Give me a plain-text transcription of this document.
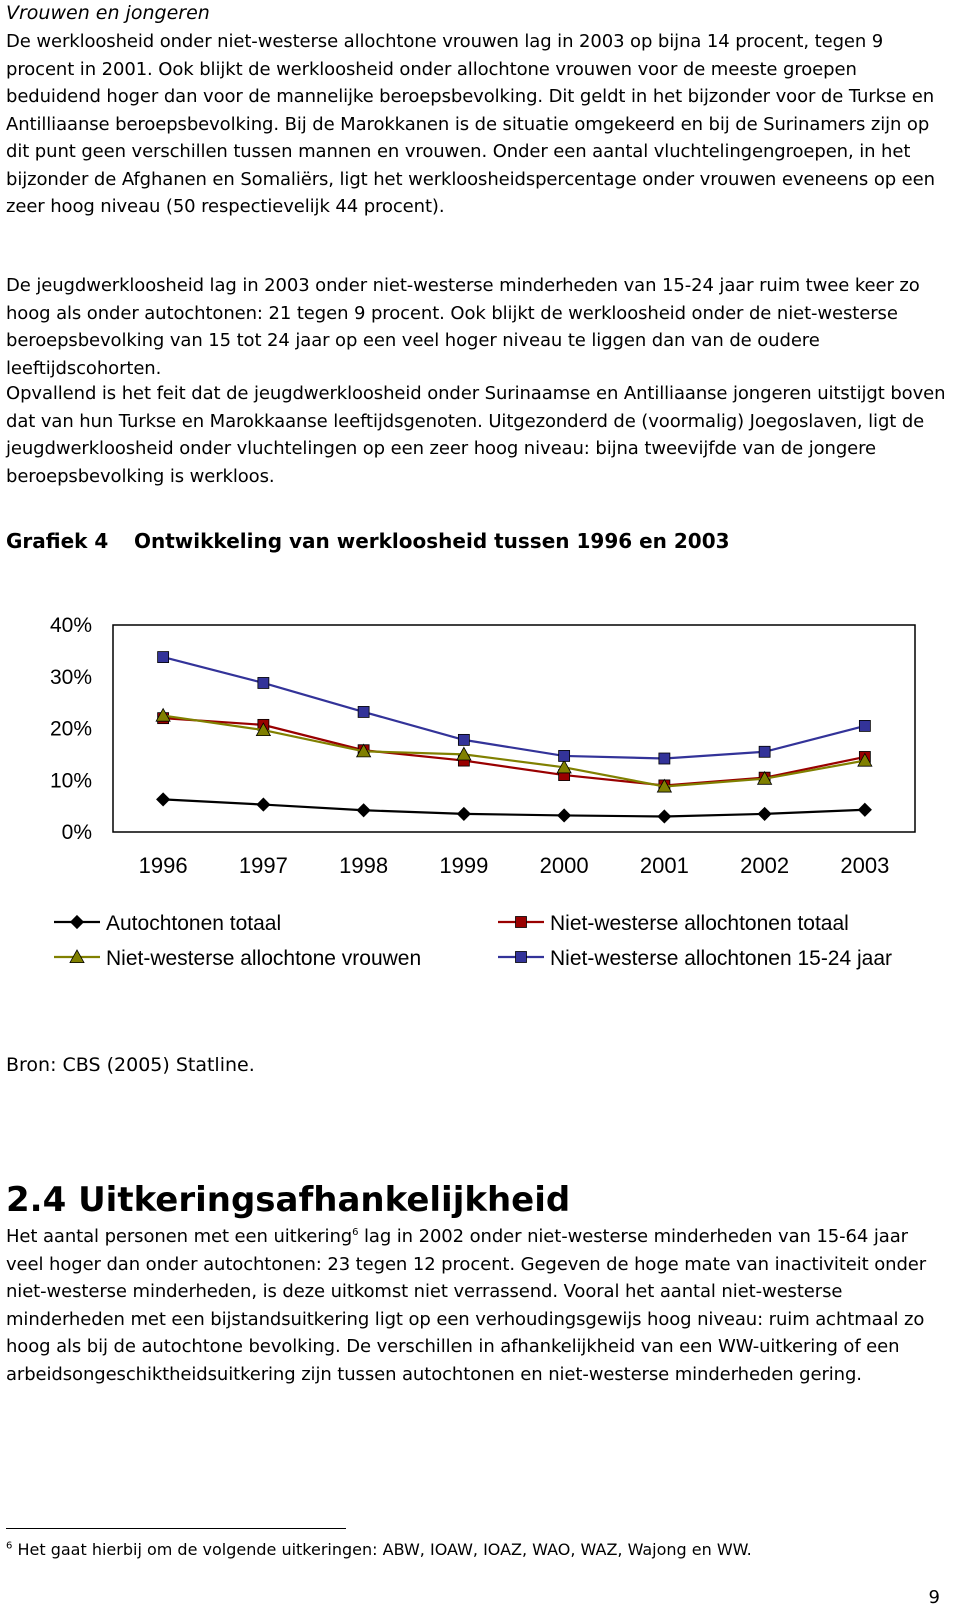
Vrouwen en jongeren

De werkloosheid onder niet-westerse allochtone vrouwen lag in 2003 op bijna 14 procent, tegen 9 procent in 2001. Ook blijkt de werkloosheid onder allochtone vrouwen voor de meeste groepen beduidend hoger dan voor de mannelijke beroepsbevolking. Dit geldt in het bijzonder voor de Turkse en Antilliaanse beroepsbevolking. Bij de Marokkanen is de situatie omgekeerd en bij de Surinamers zijn op dit punt geen verschillen tussen mannen en vrouwen. Onder een aantal vluchtelingengroepen, in het bijzonder de Afghanen en Somaliërs, ligt het werkloosheidspercentage onder vrouwen eveneens op een zeer hoog niveau (50 respectievelijk 44 procent).

De jeugdwerkloosheid lag in 2003 onder niet-westerse minderheden van 15-24 jaar ruim twee keer zo hoog als onder autochtonen: 21 tegen 9 procent. Ook blijkt de werkloosheid onder de niet-westerse beroepsbevolking van 15 tot 24 jaar op een veel hoger niveau te liggen dan van de oudere leeftijdscohorten.

Opvallend is het feit dat de jeugdwerkloosheid onder Surinaamse en Antilliaanse jongeren uitstijgt boven dat van hun Turkse en Marokkaanse leeftijdsgenoten. Uitgezonderd de (voormalig) Joegoslaven, ligt de jeugdwerkloosheid onder vluchtelingen op een zeer hoog niveau: bijna tweevijfde van de jongere beroepsbevolking is werkloos.

Grafiek 4 Ontwikkeling van werkloosheid tussen 1996 en 2003
0%
10%
20%
30%
40%
1996 1997 1998 1999 2000 2001 2002 2003
Autochtonen totaal	Niet-westerse allochtonen totaal
Niet-westerse allochtone vrouwen	Niet-westerse allochtonen 15-24 jaar
Bron: CBS (2005) Statline.
2.4 Uitkeringsafhankelijkheid

Het aantal personen met een uitkering$^6$ lag in 2002 onder niet-westerse minderheden van 15-64 jaar veel hoger dan onder autochtonen: 23 tegen 12 procent. Gegeven de hoge mate van inactiviteit onder niet-westerse minderheden, is deze uitkomst niet verrassend. Vooral het aantal niet-westerse minderheden met een bijstandsuitkering ligt op een verhoudingsgewijs hoog niveau: ruim achtmaal zo hoog als bij de autochtone bevolking. De verschillen in afhankelijkheid van een WW-uitkering of een arbeidsongeschiktheidsuitkering zijn tussen autochtonen en niet-westerse minderheden gering.

$^6$ Het gaat hierbij om de volgende uitkeringen: ABW, IOAW, IOAZ, WAO, WAZ, Wajong en WW.
9
